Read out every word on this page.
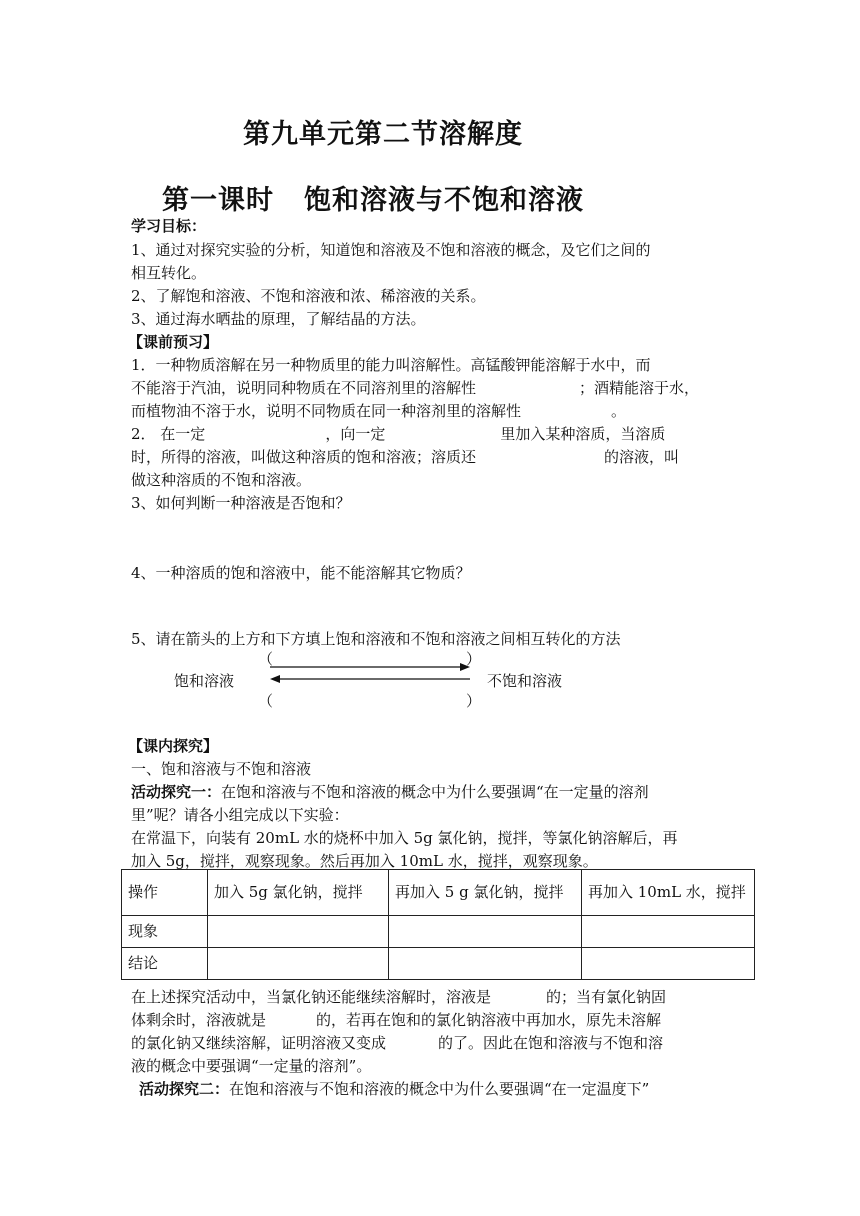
第九单元第二节溶解度
第一课时 饱和溶液与不饱和溶液
学习目标：
1、通过对探究实验的分析，知道饱和溶液及不饱和溶液的概念，及它们之间的
相互转化。
2、了解饱和溶液、不饱和溶液和浓、稀溶液的关系。
3、通过海水晒盐的原理，了解结晶的方法。
【课前预习】
1．一种物质溶解在另一种物质里的能力叫溶解性。高锰酸钾能溶解于水中，而
不能溶于汽油，说明同种物质在不同溶剂里的溶解性	；酒精能溶于水，
而植物油不溶于水，说明不同物质在同一种溶剂里的溶解性	。
2． 在一定	，向一定	里加入某种溶质，当溶质
时，所得的溶液，叫做这种溶质的饱和溶液；溶质还	的溶液，叫
做这种溶质的不饱和溶液。
3、如何判断一种溶液是否饱和？
4、一种溶质的饱和溶液中，能不能溶解其它物质？
5、请在箭头的上方和下方填上饱和溶液和不饱和溶液之间相互转化的方法
（	）
饱和溶液	不饱和溶液
（	）
【课内探究】
一、饱和溶液与不饱和溶液
活动探究一：在饱和溶液与不饱和溶液的概念中为什么要强调“在一定量的溶剂
里”呢？请各小组完成以下实验：
在常温下，向装有 20mL 水的烧杯中加入 5g 氯化钠，搅拌，等氯化钠溶解后，再
加入 5g，搅拌，观察现象。然后再加入 10mL 水，搅拌，观察现象。
操作	加入 5g 氯化钠，搅拌	再加入 5 g 氯化钠，搅拌	再加入 10mL 水，搅拌
现象			
结论			
在上述探究活动中，当氯化钠还能继续溶解时，溶液是	的；当有氯化钠固
体剩余时，溶液就是	的，若再在饱和的氯化钠溶液中再加水，原先未溶解
的氯化钠又继续溶解，证明溶液又变成	的了。因此在饱和溶液与不饱和溶
液的概念中要强调“一定量的溶剂”。
活动探究二：在饱和溶液与不饱和溶液的概念中为什么要强调“在一定温度下”
